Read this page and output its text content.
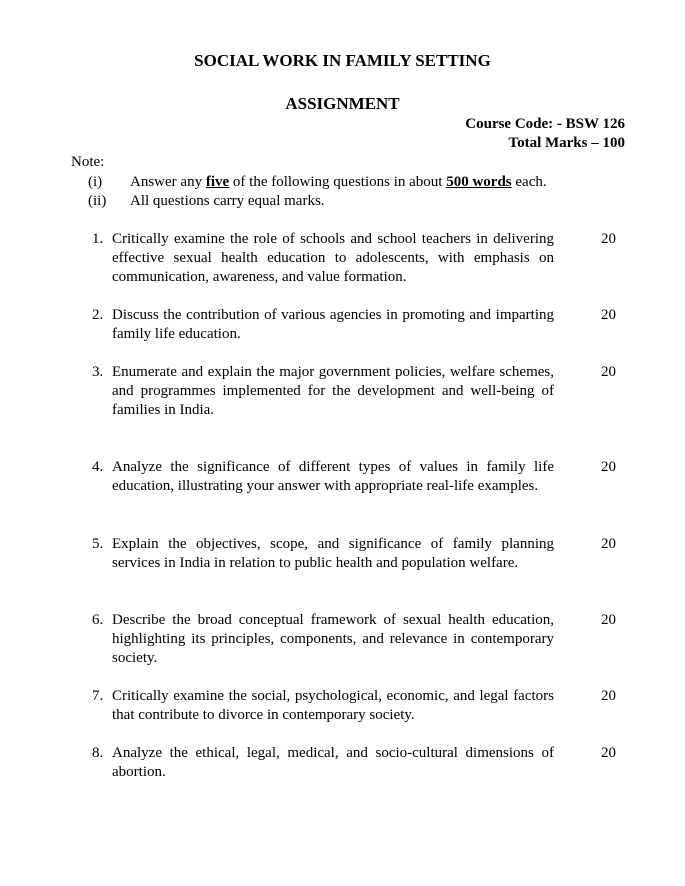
SOCIAL WORK IN FAMILY SETTING
ASSIGNMENT
Course Code: - BSW 126
Total Marks – 100
Note:
(i) Answer any five of the following questions in about 500 words each.
(ii) All questions carry equal marks.
1. Critically examine the role of schools and school teachers in delivering effective sexual health education to adolescents, with emphasis on communication, awareness, and value formation.
20
2. Discuss the contribution of various agencies in promoting and imparting family life education.
20
3. Enumerate and explain the major government policies, welfare schemes, and programmes implemented for the development and well-being of families in India.
20
4. Analyze the significance of different types of values in family life education, illustrating your answer with appropriate real-life examples.
20
5. Explain the objectives, scope, and significance of family planning services in India in relation to public health and population welfare.
20
6. Describe the broad conceptual framework of sexual health education, highlighting its principles, components, and relevance in contemporary society.
20
7. Critically examine the social, psychological, economic, and legal factors that contribute to divorce in contemporary society.
20
8. Analyze the ethical, legal, medical, and socio-cultural dimensions of abortion.
20
